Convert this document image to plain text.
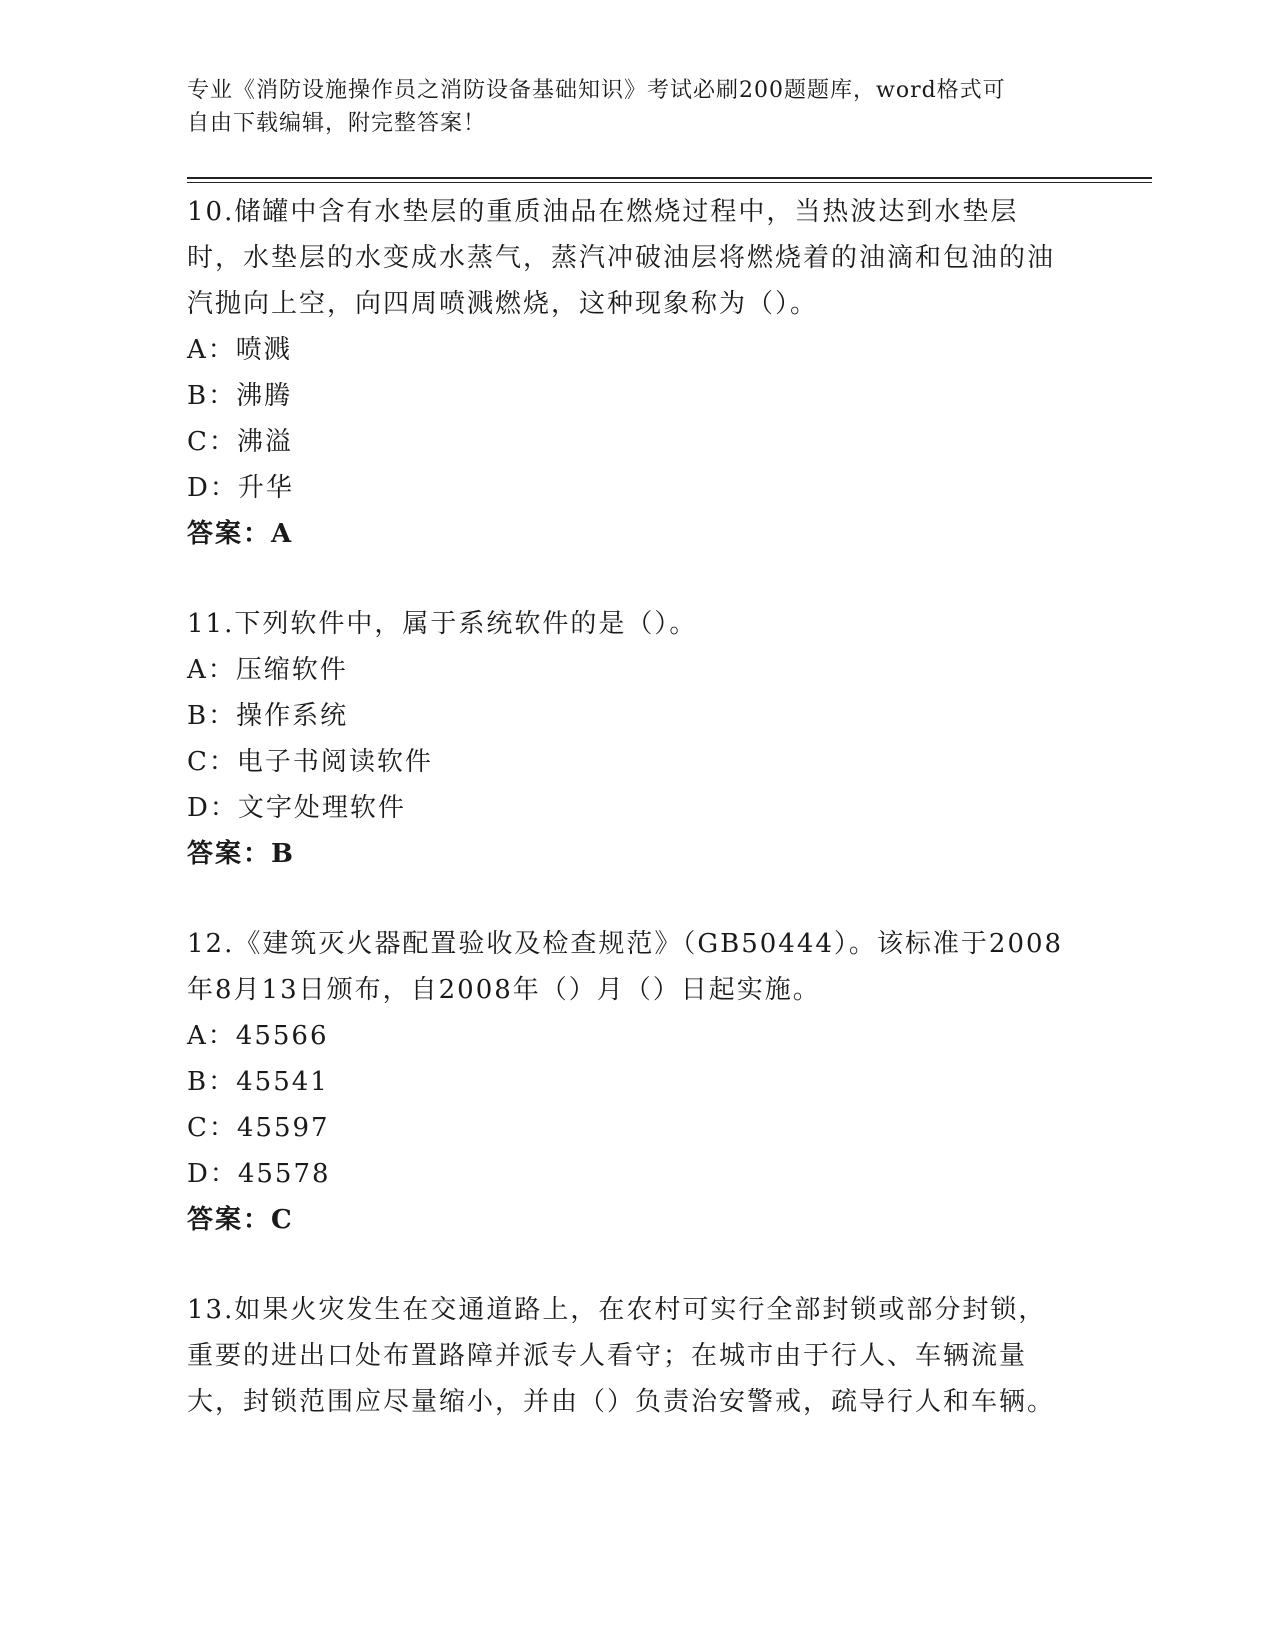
专业《消防设施操作员之消防设备基础知识》考试必刷200题题库，word格式可
自由下载编辑，附完整答案！

10.储罐中含有水垫层的重质油品在燃烧过程中，当热波达到水垫层时，水垫层的水变成水蒸气，蒸汽冲破油层将燃烧着的油滴和包油的油汽抛向上空，向四周喷溅燃烧，这种现象称为（）。

A：喷溅

B：沸腾

C：沸溢

D：升华

答案：A

11.下列软件中，属于系统软件的是（）。

A：压缩软件

B：操作系统

C：电子书阅读软件

D：文字处理软件

答案：B

12.《建筑灭火器配置验收及检查规范》（GB50444）。该标准于2008年8月13日颁布，自2008年（）月（）日起实施。

A：45566

B：45541

C：45597

D：45578

答案：C

13.如果火灾发生在交通道路上，在农村可实行全部封锁或部分封锁，重要的进出口处布置路障并派专人看守；在城市由于行人、车辆流量大，封锁范围应尽量缩小，并由（）负责治安警戒，疏导行人和车辆。
